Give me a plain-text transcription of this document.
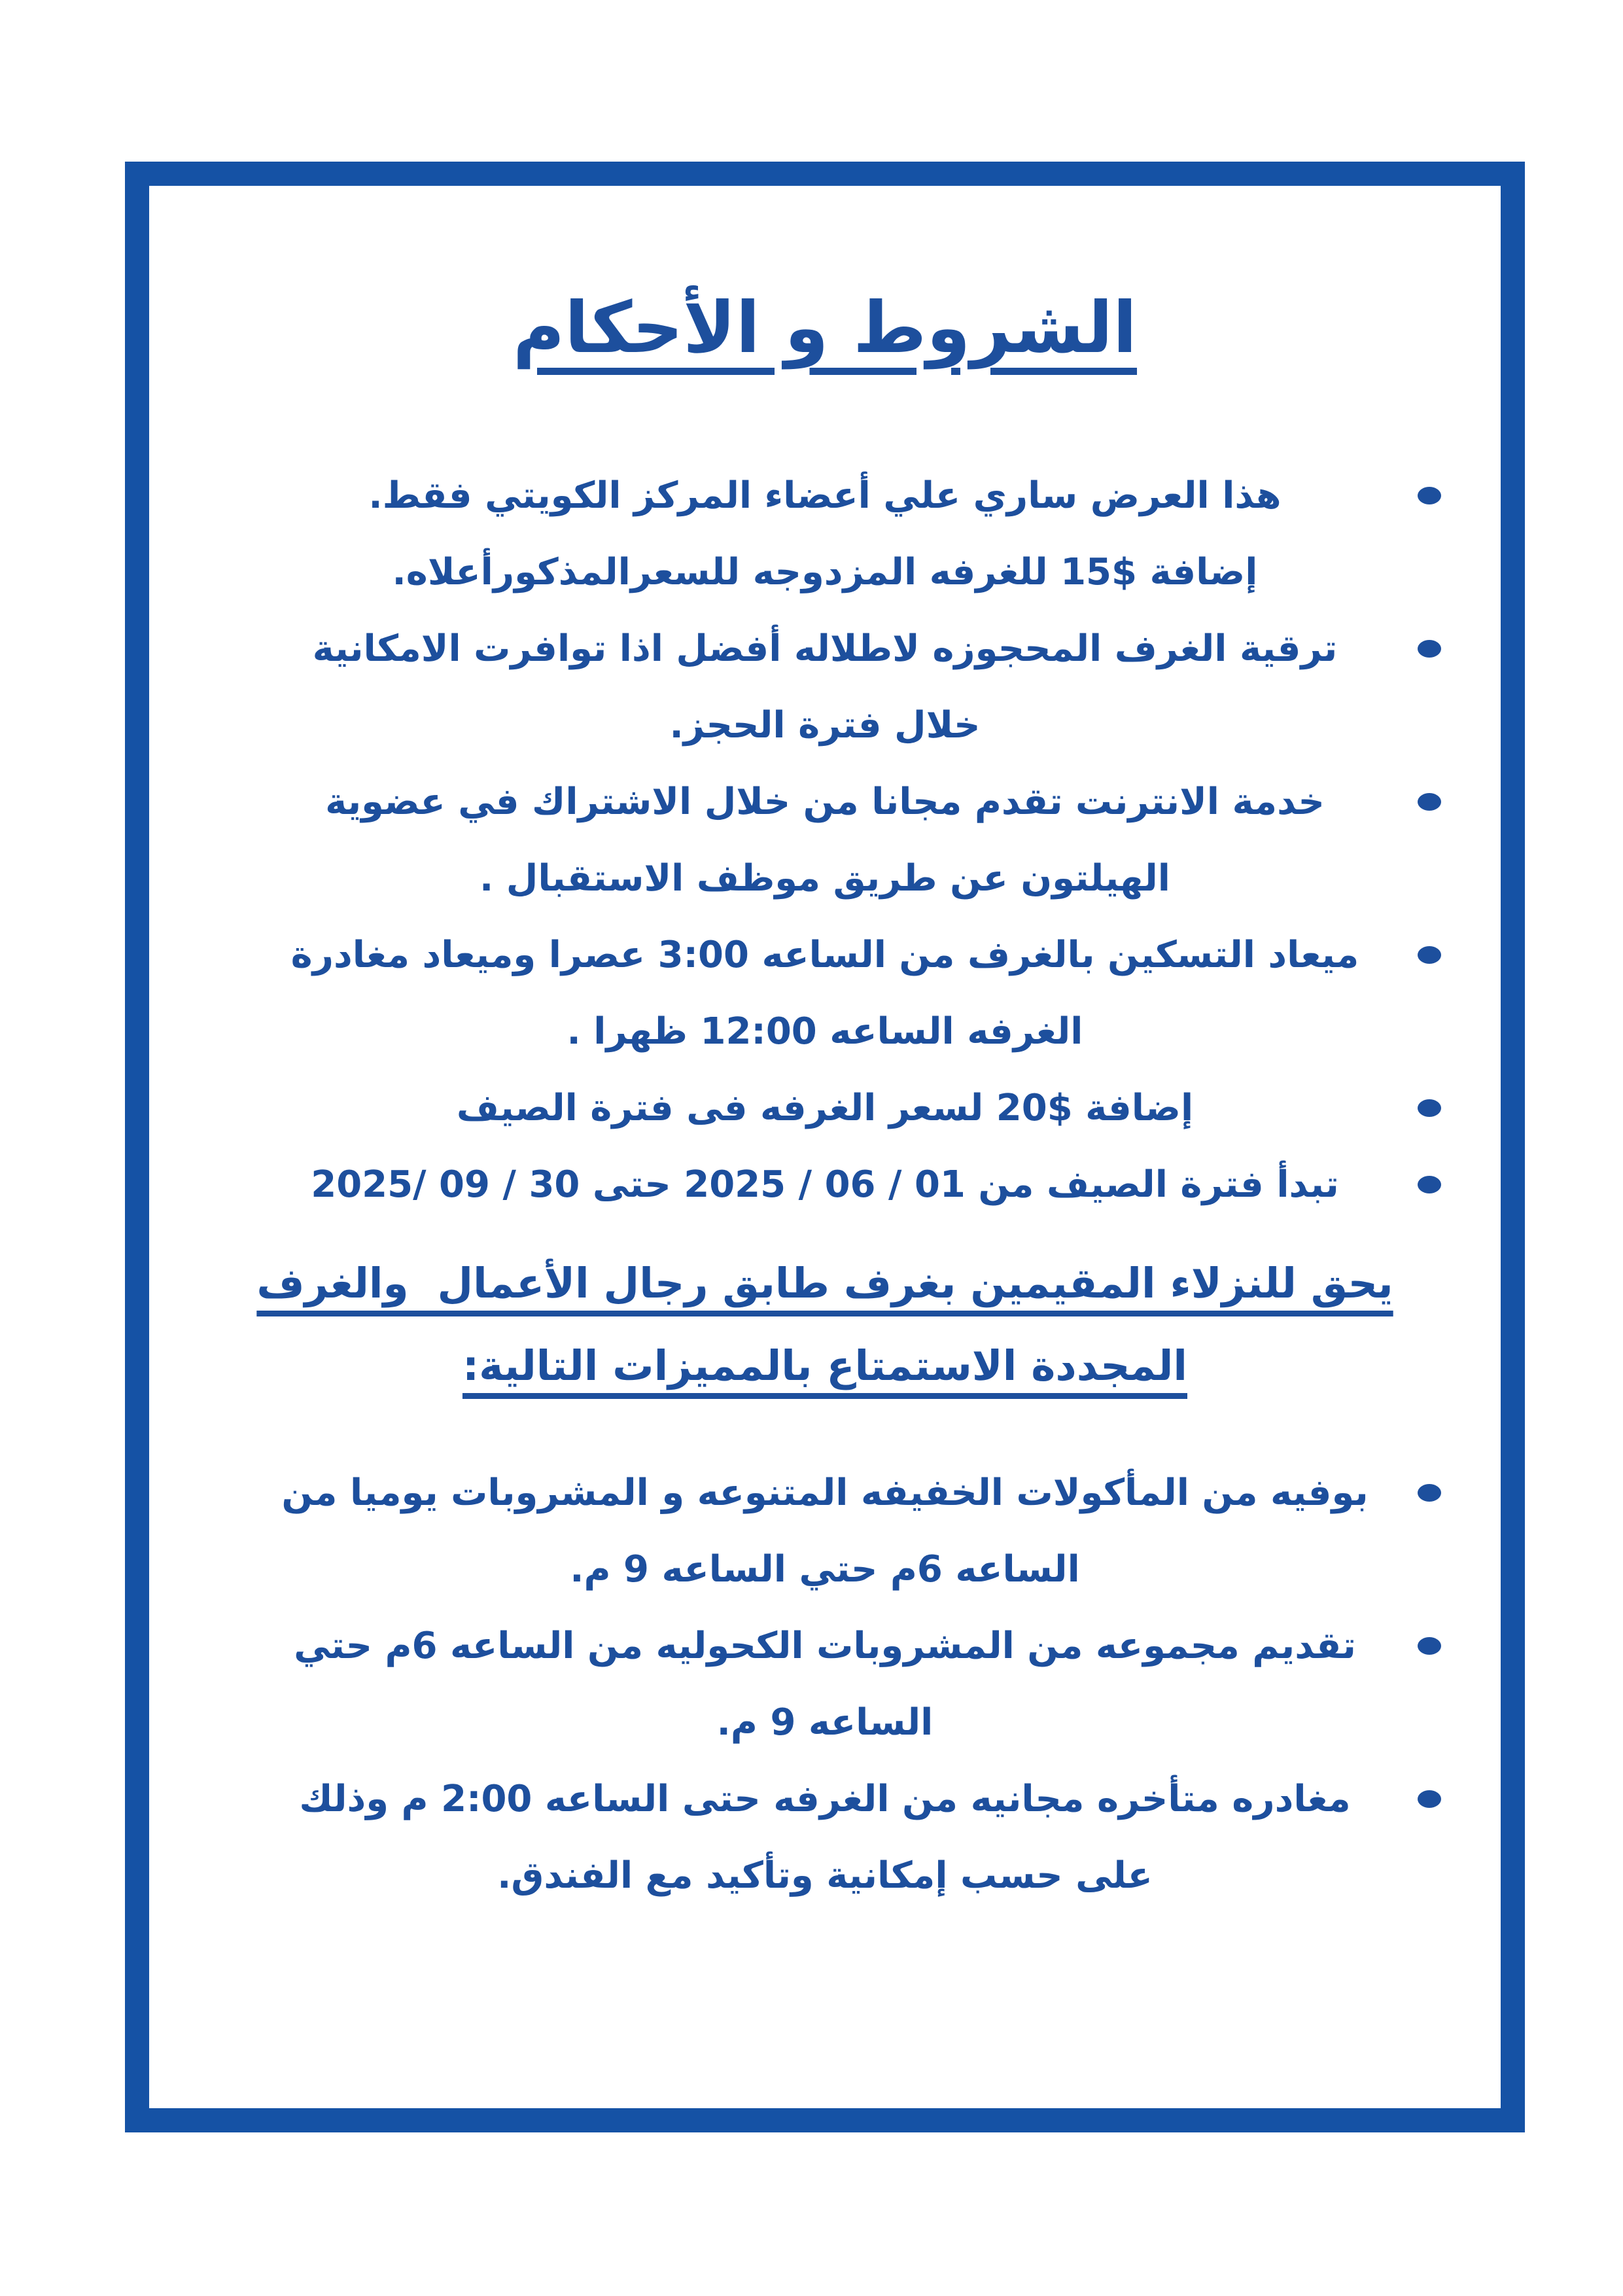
الشروط و الأحكام
هذا العرض ساري علي أعضاء المركز الكويتي فقط.
إضافة $15 للغرفه المزدوجه للسعرالمذكورأعلاه.
ترقية الغرف المحجوزه لاطلاله أفضل اذا توافرت الامكانية
خلال فترة الحجز.
خدمة الانترنت تقدم مجانا من خلال الاشتراك في عضوية
الهيلتون عن طريق موظف الاستقبال .
ميعاد التسكين بالغرف من الساعه 3:00 عصرا وميعاد مغادرة
الغرفه الساعه 12:00 ظهرا .
إضافة $20 لسعر الغرفه فى فترة الصيف
تبدأ فترة الصيف من 01 / 06 / 2025 حتى 30 / 09 /2025
يحق للنزلاء المقيمين بغرف طابق رجال الأعمال  والغرف
المجددة الاستمتاع بالمميزات التالية:
بوفيه من المأكولات الخفيفه المتنوعه و المشروبات يوميا من
الساعه 6م حتي الساعه 9 م.
تقديم مجموعه من المشروبات الكحوليه من الساعه 6م حتي
الساعه 9 م.
مغادره متأخره مجانيه من الغرفه حتى الساعه 2:00 م وذلك
على حسب إمكانية وتأكيد مع الفندق.
